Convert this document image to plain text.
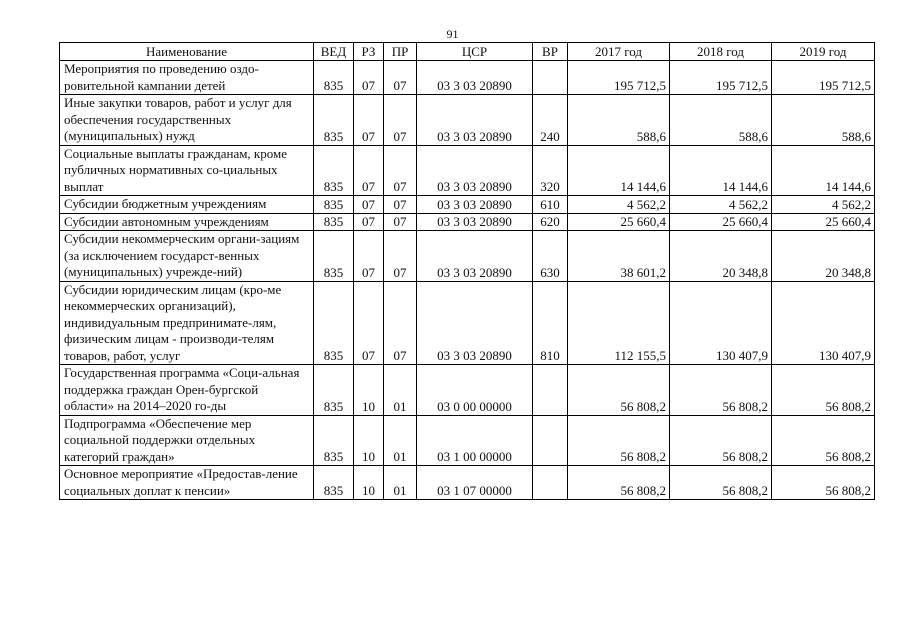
91
Наименование	ВЕД	РЗ	ПР	ЦСР	ВР	2017 год	2018 год	2019 год
Мероприятия по проведению оздо-ровительной кампании детей	835	07	07	03 3 03 20890		195 712,5	195 712,5	195 712,5
Иные закупки товаров, работ и услуг для обеспечения государственных (муниципальных) нужд	835	07	07	03 3 03 20890	240	588,6	588,6	588,6
Социальные выплаты гражданам, кроме публичных нормативных со-циальных выплат	835	07	07	03 3 03 20890	320	14 144,6	14 144,6	14 144,6
Субсидии бюджетным учреждениям	835	07	07	03 3 03 20890	610	4 562,2	4 562,2	4 562,2
Субсидии автономным учреждениям	835	07	07	03 3 03 20890	620	25 660,4	25 660,4	25 660,4
Субсидии некоммерческим органи-зациям (за исключением государст-венных (муниципальных) учрежде-ний)	835	07	07	03 3 03 20890	630	38 601,2	20 348,8	20 348,8
Субсидии юридическим лицам (кро-ме некоммерческих организаций), индивидуальным предпринимате-лям, физическим лицам - производи-телям товаров, работ, услуг	835	07	07	03 3 03 20890	810	112 155,5	130 407,9	130 407,9
Государственная программа «Соци-альная поддержка граждан Орен-бургской области» на 2014–2020 го-ды	835	10	01	03 0 00 00000		56 808,2	56 808,2	56 808,2
Подпрограмма «Обеспечение мер социальной поддержки отдельных категорий граждан»	835	10	01	03 1 00 00000		56 808,2	56 808,2	56 808,2
Основное мероприятие «Предостав-ление социальных доплат к пенсии»	835	10	01	03 1 07 00000		56 808,2	56 808,2	56 808,2
